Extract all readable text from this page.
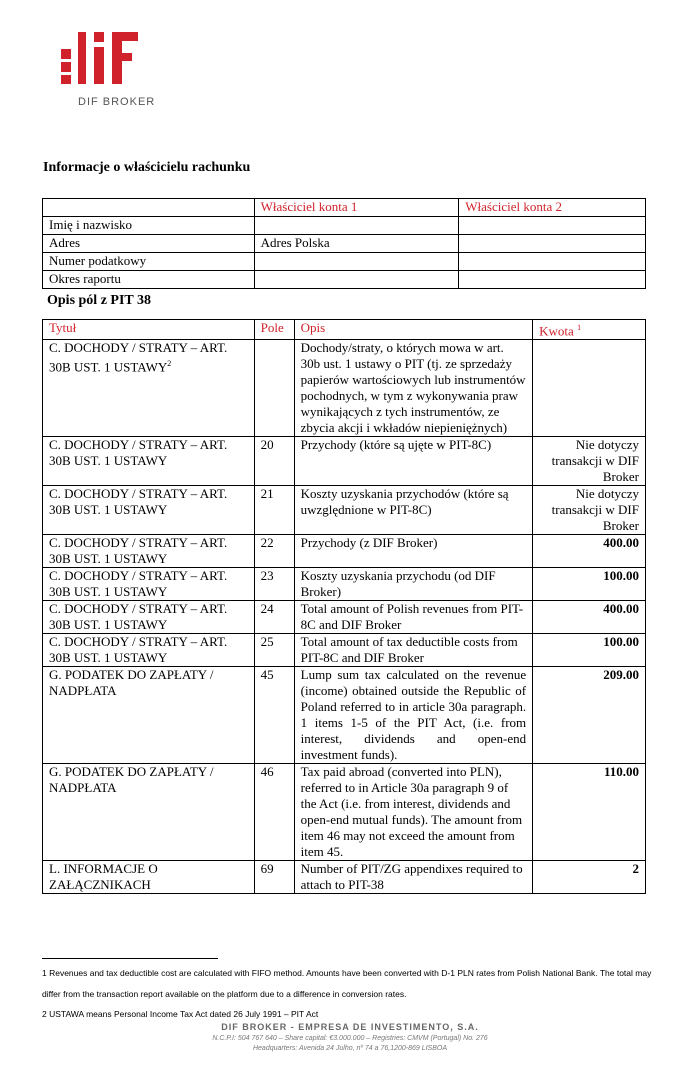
DIF BROKER
Informacje o właścicielu rachunku
	Właściciel konta 1	Właściciel konta 2
Imię i nazwisko		
Adres	Adres Polska	
Numer podatkowy		
Okres raportu		
Opis pól z PIT 38
Tytuł	Pole	Opis	Kwota $^1$
C. DOCHODY / STRATY – ART. 30B UST. 1 USTAWY$^2$		Dochody/straty, o których mowa w art. 30b ust. 1 ustawy o PIT (tj. ze sprzedaży papierów wartościowych lub instrumentów pochodnych, w tym z wykonywania praw wynikających z tych instrumentów, ze zbycia akcji i wkładów niepieniężnych)	
C. DOCHODY / STRATY – ART. 30B UST. 1 USTAWY	20	Przychody (które są ujęte w PIT-8C)	Nie dotyczy transakcji w DIF Broker
C. DOCHODY / STRATY – ART. 30B UST. 1 USTAWY	21	Koszty uzyskania przychodów (które są uwzględnione w PIT-8C)	Nie dotyczy transakcji w DIF Broker
C. DOCHODY / STRATY – ART. 30B UST. 1 USTAWY	22	Przychody (z DIF Broker)	400.00
C. DOCHODY / STRATY – ART. 30B UST. 1 USTAWY	23	Koszty uzyskania przychodu (od DIF Broker)	100.00
C. DOCHODY / STRATY – ART. 30B UST. 1 USTAWY	24	Total amount of Polish revenues from PIT-8C and DIF Broker	400.00
C. DOCHODY / STRATY – ART. 30B UST. 1 USTAWY	25	Total amount of tax deductible costs from PIT-8C and DIF Broker	100.00
G. PODATEK DO ZAPŁATY / NADPŁATA	45	Lump sum tax calculated on the revenue (income) obtained outside the Republic of Poland referred to in article 30a paragraph. 1 items 1-5 of the PIT Act, (i.e. from interest, dividends and open-end investment funds).	209.00
G. PODATEK DO ZAPŁATY / NADPŁATA	46	Tax paid abroad (converted into PLN), referred to in Article 30a paragraph 9 of the Act (i.e. from interest, dividends and open-end mutual funds). The amount from item 46 may not exceed the amount from item 45.	110.00
L. INFORMACJE O ZAŁĄCZNIKACH	69	Number of PIT/ZG appendixes required to attach to PIT-38	2
1 Revenues and tax deductible cost are calculated with FIFO method. Amounts have been converted with D-1 PLN rates from Polish National Bank. The total may differ from the transaction report available on the platform due to a difference in conversion rates.
2 USTAWA means Personal Income Tax Act dated 26 July 1991 – PIT Act
DIF BROKER - EMPRESA DE INVESTIMENTO, S.A.
N.C.P.I: 504 767 640 – Share capital: €3.000.000 – Registries: CMVM (Portugal) No. 276
Headquarters: Avenida 24 Julho, nº 74 a 76,1200-869 LISBOA
